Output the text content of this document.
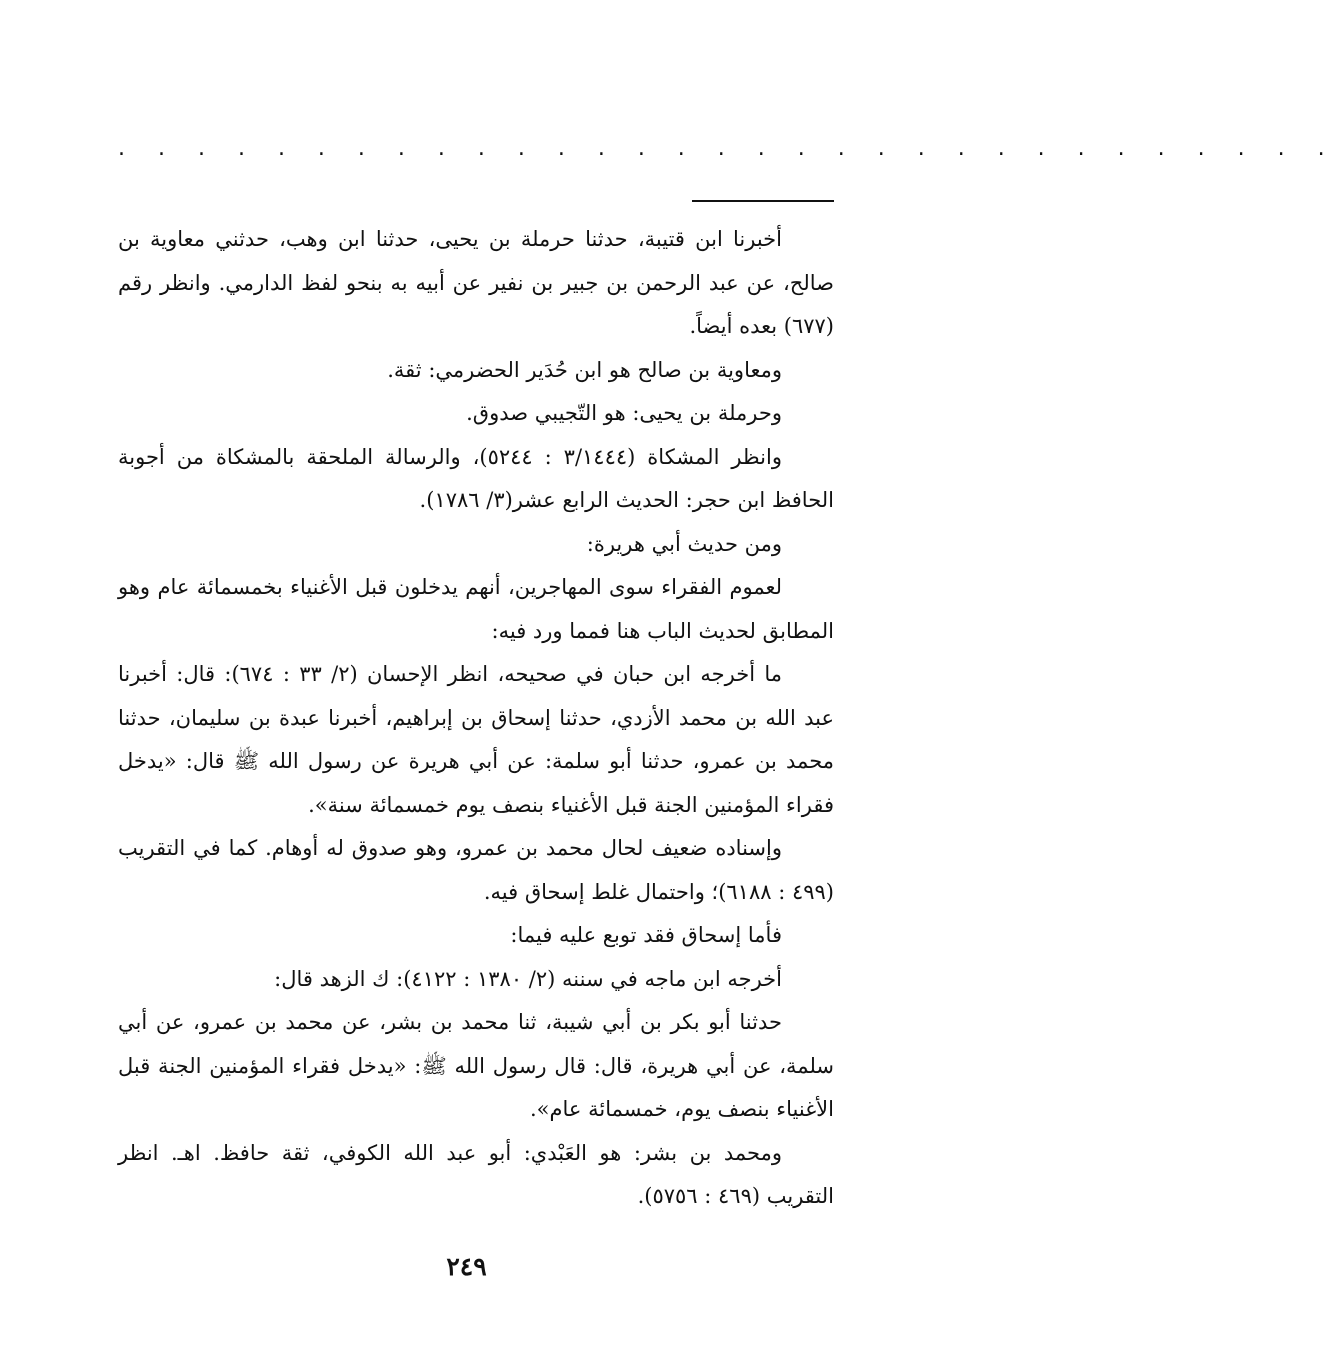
. . . . . . . . . . . . . . . . . . . . . . . . . . . . . . .

أخبرنا ابن قتيبة، حدثنا حرملة بن يحيى، حدثنا ابن وهب، حدثني معاوية بن صالح، عن عبد الرحمن بن جبير بن نفير عن أبيه به بنحو لفظ الدارمي. وانظر رقم (٦٧٧) بعده أيضاً.

ومعاوية بن صالح هو ابن حُدَير الحضرمي: ثقة.

وحرملة بن يحيى: هو التّجيبي صدوق.

وانظر المشكاة (٣/١٤٤٤ : ٥٢٤٤)، والرسالة الملحقة بالمشكاة من أجوبة الحافظ ابن حجر: الحديث الرابع عشر(٣/ ١٧٨٦).

ومن حديث أبي هريرة:

لعموم الفقراء سوى المهاجرين، أنهم يدخلون قبل الأغنياء بخمسمائة عام وهو المطابق لحديث الباب هنا فمما ورد فيه:

ما أخرجه ابن حبان في صحيحه، انظر الإحسان (٢/ ٣٣ : ٦٧٤): قال: أخبرنا عبد الله بن محمد الأزدي، حدثنا إسحاق بن إبراهيم، أخبرنا عبدة بن سليمان، حدثنا محمد بن عمرو، حدثنا أبو سلمة: عن أبي هريرة عن رسول الله ﷺ قال: «يدخل فقراء المؤمنين الجنة قبل الأغنياء بنصف يوم خمسمائة سنة».

وإسناده ضعيف لحال محمد بن عمرو، وهو صدوق له أوهام. كما في التقريب (٤٩٩ : ٦١٨٨)؛ واحتمال غلط إسحاق فيه.

فأما إسحاق فقد توبع عليه فيما:

أخرجه ابن ماجه في سننه (٢/ ١٣٨٠ : ٤١٢٢): ك الزهد قال:

حدثنا أبو بكر بن أبي شيبة، ثنا محمد بن بشر، عن محمد بن عمرو، عن أبي سلمة، عن أبي هريرة، قال: قال رسول الله ﷺ: «يدخل فقراء المؤمنين الجنة قبل الأغنياء بنصف يوم، خمسمائة عام».

ومحمد بن بشر: هو العَبْدي: أبو عبد الله الكوفي، ثقة حافظ. اهـ. انظر التقريب (٤٦٩ : ٥٧٥٦).

٢٤٩
